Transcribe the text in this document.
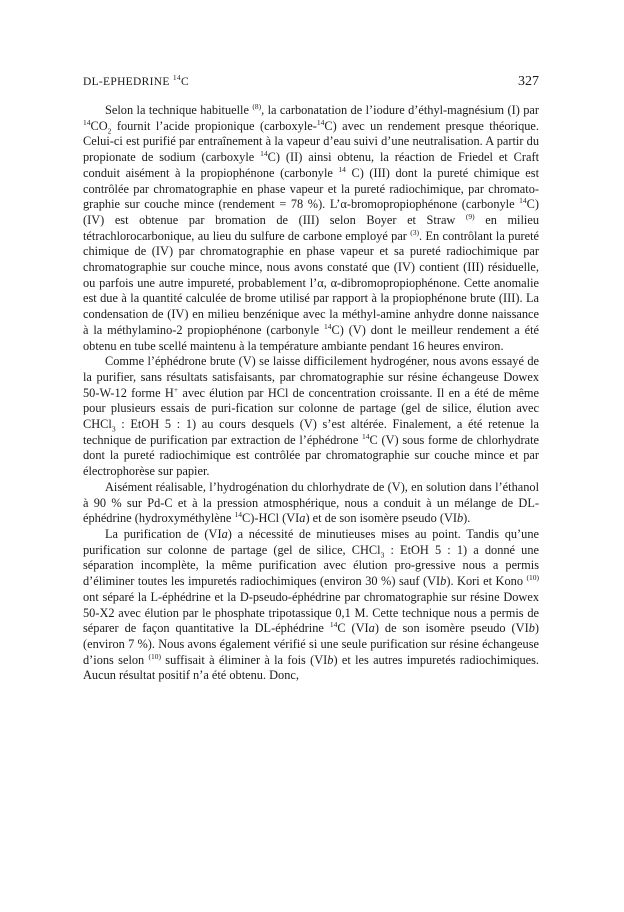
DL-EPHEDRINE $^{14}$C	327

Selon la technique habituelle $^{(8)}$, la carbonatation de l’iodure d’éthyl-magnésium (I) par $^{14}CO_2$ fournit l’acide propionique (carboxyle-$^{14}$C) avec un rendement presque théorique. Celui-ci est purifié par entraînement à la vapeur d’eau suivi d’une neutralisation. A partir du propionate de sodium (carboxyle $^{14}$C) (II) ainsi obtenu, la réaction de Friedel et Craft conduit aisément à la propiophénone (carbonyle $^{14}$ C) (III) dont la pureté chimique est contrôlée par chromatographie en phase vapeur et la pureté radiochimique, par chromato-graphie sur couche mince (rendement = 78 %). L’α-bromopropiophénone (carbonyle $^{14}$C) (IV) est obtenue par bromation de (III) selon Boyer et Straw $^{(9)}$ en milieu tétrachlorocarbonique, au lieu du sulfure de carbone employé par $^{(3)}$. En contrôlant la pureté chimique de (IV) par chromatographie en phase vapeur et sa pureté radiochimique par chromatographie sur couche mince, nous avons constaté que (IV) contient (III) résiduelle, ou parfois une autre impureté, probablement l’α, α-dibromopropiophénone. Cette anomalie est due à la quantité calculée de brome utilisé par rapport à la propiophénone brute (III). La condensation de (IV) en milieu benzénique avec la méthyl-amine anhydre donne naissance à la méthylamino-2 propiophénone (carbonyle $^{14}$C) (V) dont le meilleur rendement a été obtenu en tube scellé maintenu à la température ambiante pendant 16 heures environ.

Comme l’éphédrone brute (V) se laisse difficilement hydrogéner, nous avons essayé de la purifier, sans résultats satisfaisants, par chromatographie sur résine échangeuse Dowex 50-W-12 forme H+ avec élution par HCl de concentration croissante. Il en a été de même pour plusieurs essais de puri-fication sur colonne de partage (gel de silice, élution avec CHCl$_3$ : EtOH 5 : 1) au cours desquels (V) s’est altérée. Finalement, a été retenue la technique de purification par extraction de l’éphédrone $^{14}$C (V) sous forme de chlorhydrate dont la pureté radiochimique est contrôlée par chromatographie sur couche mince et par électrophorèse sur papier.

Aisément réalisable, l’hydrogénation du chlorhydrate de (V), en solution dans l’éthanol à 90 % sur Pd-C et à la pression atmosphérique, nous a conduit à un mélange de DL-éphédrine (hydroxyméthylène $^{14}$C)-HCl (VIa) et de son isomère pseudo (VIb).

La purification de (VIa) a nécessité de minutieuses mises au point. Tandis qu’une purification sur colonne de partage (gel de silice, CHCl$_3$ : EtOH 5 : 1) a donné une séparation incomplète, la même purification avec élution pro-gressive nous a permis d’éliminer toutes les impuretés radiochimiques (environ 30 %) sauf (VIb). Kori et Kono $^{(10)}$ ont séparé la L-éphédrine et la D-pseudo-éphédrine par chromatographie sur résine Dowex 50-X2 avec élution par le phosphate tripotassique 0,1 M. Cette technique nous a permis de séparer de façon quantitative la DL-éphédrine $^{14}$C (VIa) de son isomère pseudo (VIb) (environ 7 %). Nous avons également vérifié si une seule purification sur résine échangeuse d’ions selon $^{(10)}$ suffisait à éliminer à la fois (VIb) et les autres impuretés radiochimiques. Aucun résultat positif n’a été obtenu. Donc,
